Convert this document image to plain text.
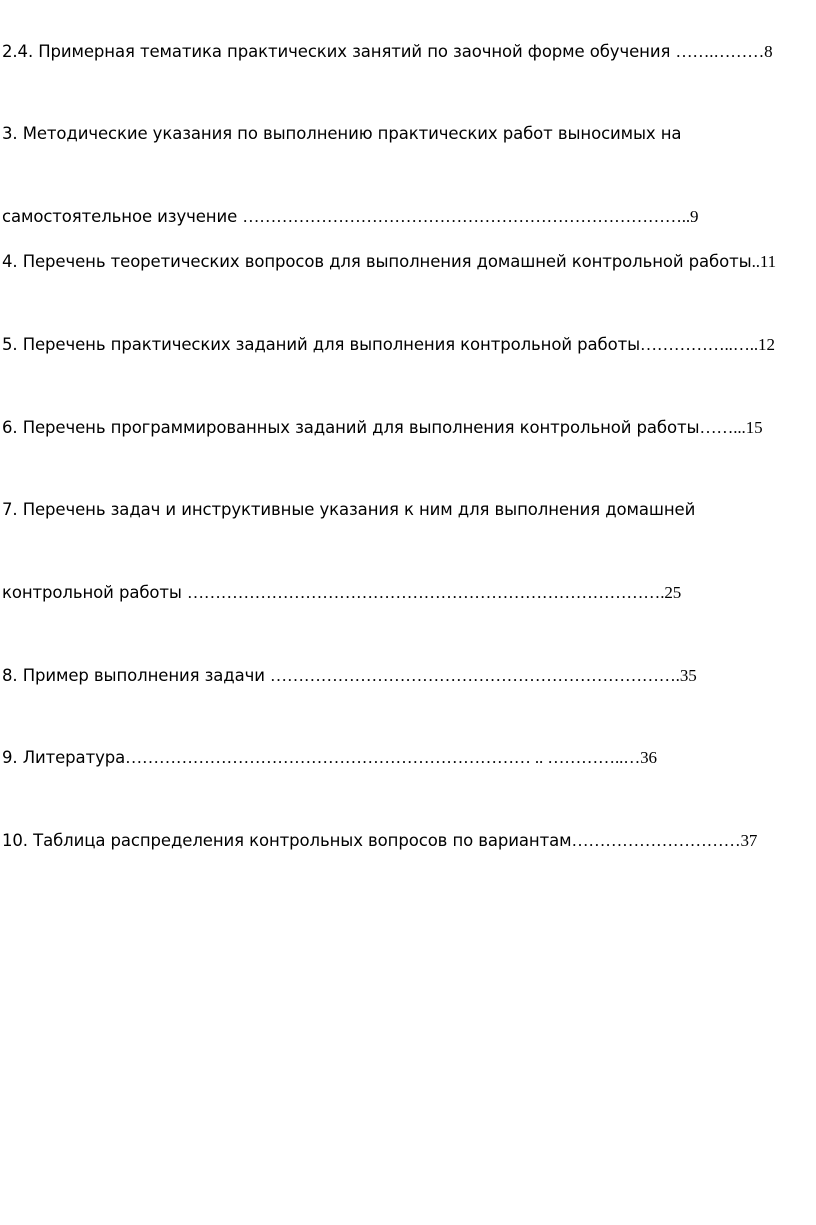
2.4. Примерная тематика практических занятий по заочной форме обучения …….………8
3. Методические указания по выполнению практических работ выносимых на
самостоятельное изучение ……………………………………………………………………..9
4. Перечень теоретических вопросов для выполнения домашней контрольной работы..11
5. Перечень практических заданий для выполнения контрольной работы……………..…..12
6. Перечень программированных заданий для выполнения контрольной работы……...15
7. Перечень задач и инструктивные указания к ним для выполнения домашней
контрольной работы ………………………………………………………………………….25
8. Пример выполнения задачи ……………………………………………………………….35
9. Литература……………………………………………………………… .. …………..…36
10. Таблица распределения контрольных вопросов по вариантам…………………………37
